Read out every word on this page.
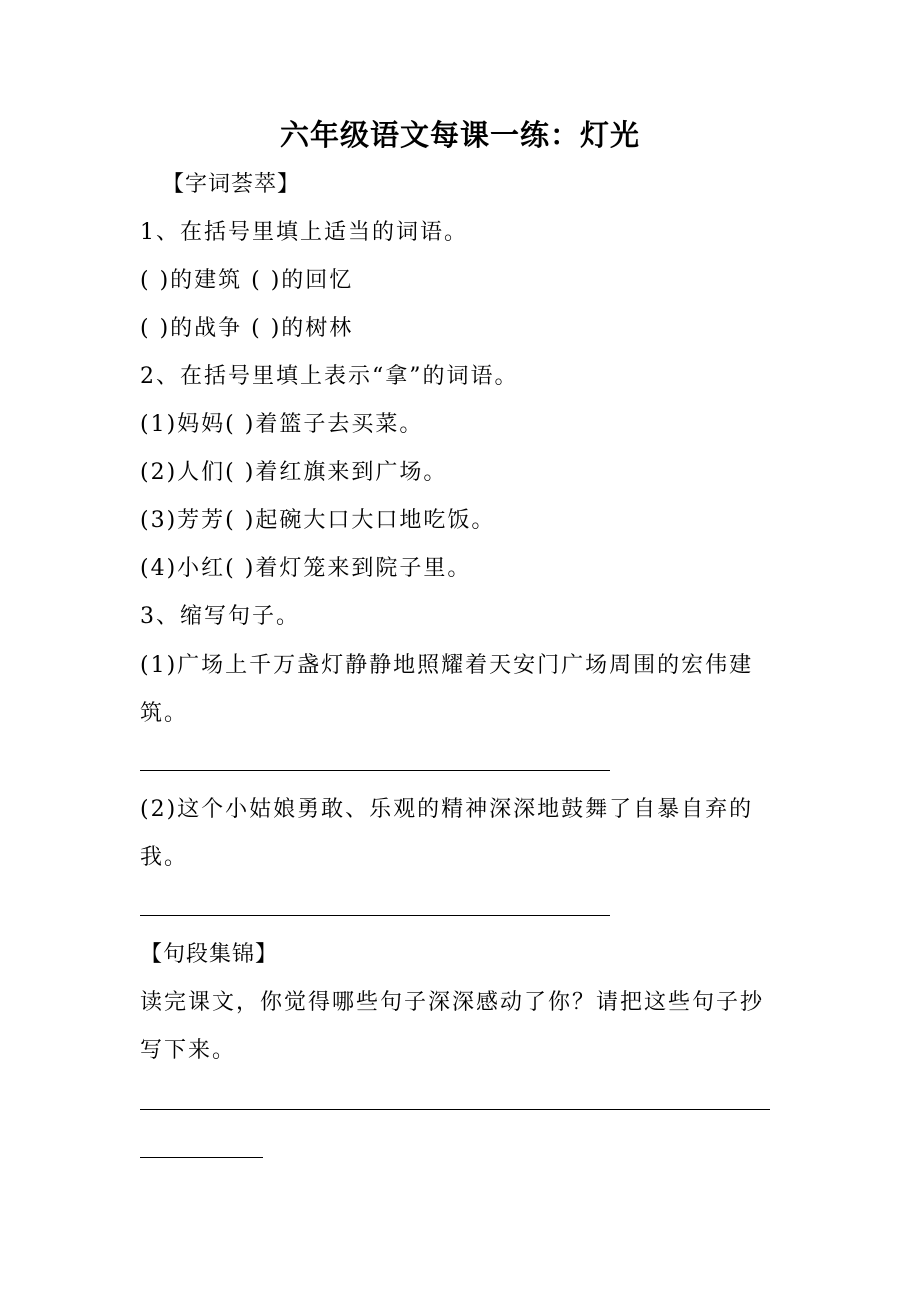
六年级语文每课一练：灯光
【字词荟萃】
1、在括号里填上适当的词语。
( )的建筑 ( )的回忆
( )的战争 ( )的树林
2、在括号里填上表示“拿”的词语。
(1)妈妈( )着篮子去买菜。
(2)人们( )着红旗来到广场。
(3)芳芳( )起碗大口大口地吃饭。
(4)小红( )着灯笼来到院子里。
3、缩写句子。
(1)广场上千万盏灯静静地照耀着天安门广场周围的宏伟建
筑。
(2)这个小姑娘勇敢、乐观的精神深深地鼓舞了自暴自弃的
我。
【句段集锦】
读完课文，你觉得哪些句子深深感动了你？请把这些句子抄
写下来。
